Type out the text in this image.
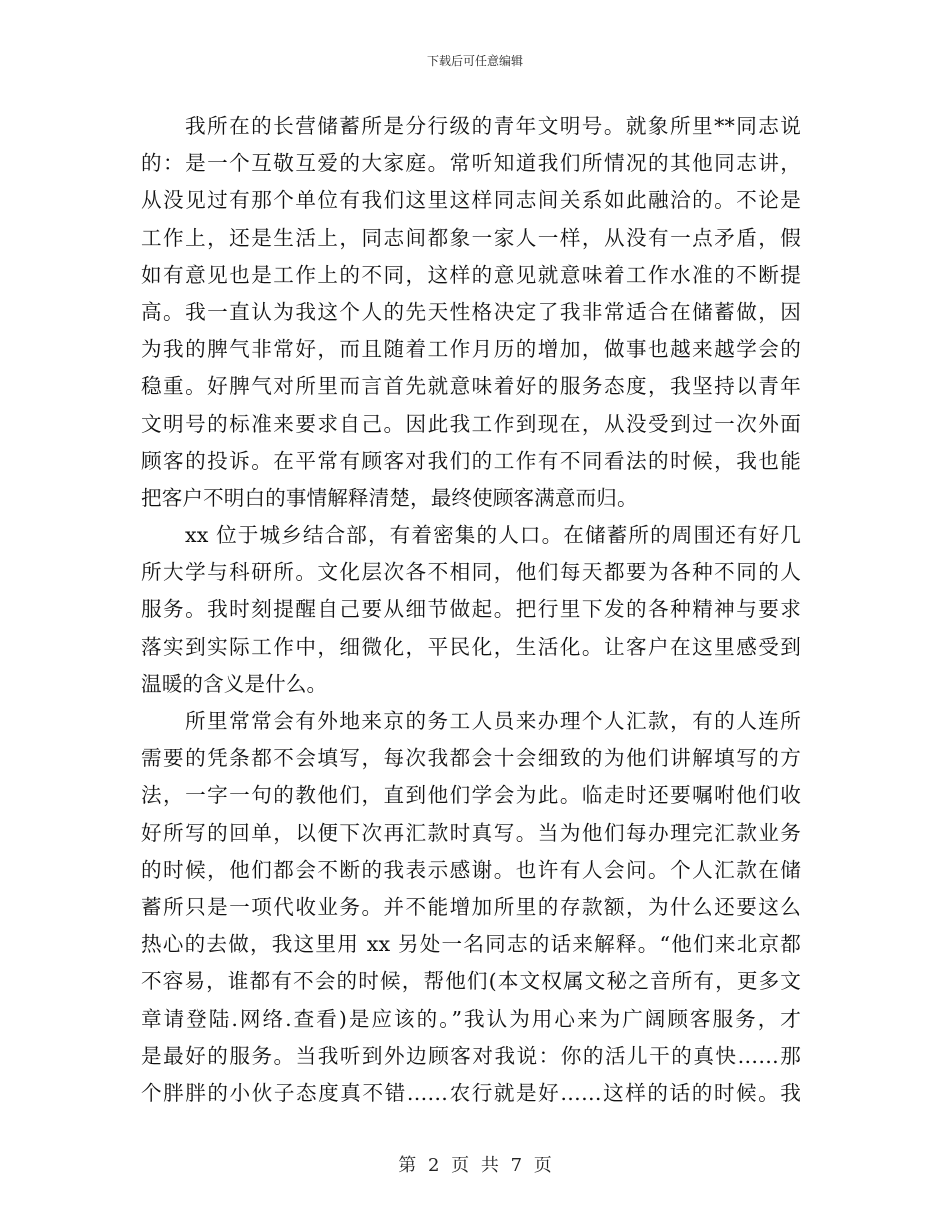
下载后可任意编辑
我所在的长营储蓄所是分行级的青年文明号。就象所里**同志说
的：是一个互敬互爱的大家庭。常听知道我们所情况的其他同志讲，
从没见过有那个单位有我们这里这样同志间关系如此融洽的。不论是
工作上，还是生活上，同志间都象一家人一样，从没有一点矛盾，假
如有意见也是工作上的不同，这样的意见就意味着工作水准的不断提
高。我一直认为我这个人的先天性格决定了我非常适合在储蓄做，因
为我的脾气非常好，而且随着工作月历的增加，做事也越来越学会的
稳重。好脾气对所里而言首先就意味着好的服务态度，我坚持以青年
文明号的标准来要求自己。因此我工作到现在，从没受到过一次外面
顾客的投诉。在平常有顾客对我们的工作有不同看法的时候，我也能
把客户不明白的事情解释清楚，最终使顾客满意而归。
xx 位于城乡结合部，有着密集的人口。在储蓄所的周围还有好几
所大学与科研所。文化层次各不相同，他们每天都要为各种不同的人
服务。我时刻提醒自己要从细节做起。把行里下发的各种精神与要求
落实到实际工作中，细微化，平民化，生活化。让客户在这里感受到
温暖的含义是什么。
所里常常会有外地来京的务工人员来办理个人汇款，有的人连所
需要的凭条都不会填写，每次我都会十会细致的为他们讲解填写的方
法，一字一句的教他们，直到他们学会为此。临走时还要嘱咐他们收
好所写的回单，以便下次再汇款时真写。当为他们每办理完汇款业务
的时候，他们都会不断的我表示感谢。也许有人会问。个人汇款在储
蓄所只是一项代收业务。并不能增加所里的存款额，为什么还要这么
热心的去做，我这里用 xx 另处一名同志的话来解释。“他们来北京都
不容易，谁都有不会的时候，帮他们(本文权属文秘之音所有，更多文
章请登陆.网络.查看)是应该的。”我认为用心来为广阔顾客服务，才
是最好的服务。当我听到外边顾客对我说：你的活儿干的真快……那
个胖胖的小伙子态度真不错……农行就是好……这样的话的时候。我
第 2 页 共 7 页
